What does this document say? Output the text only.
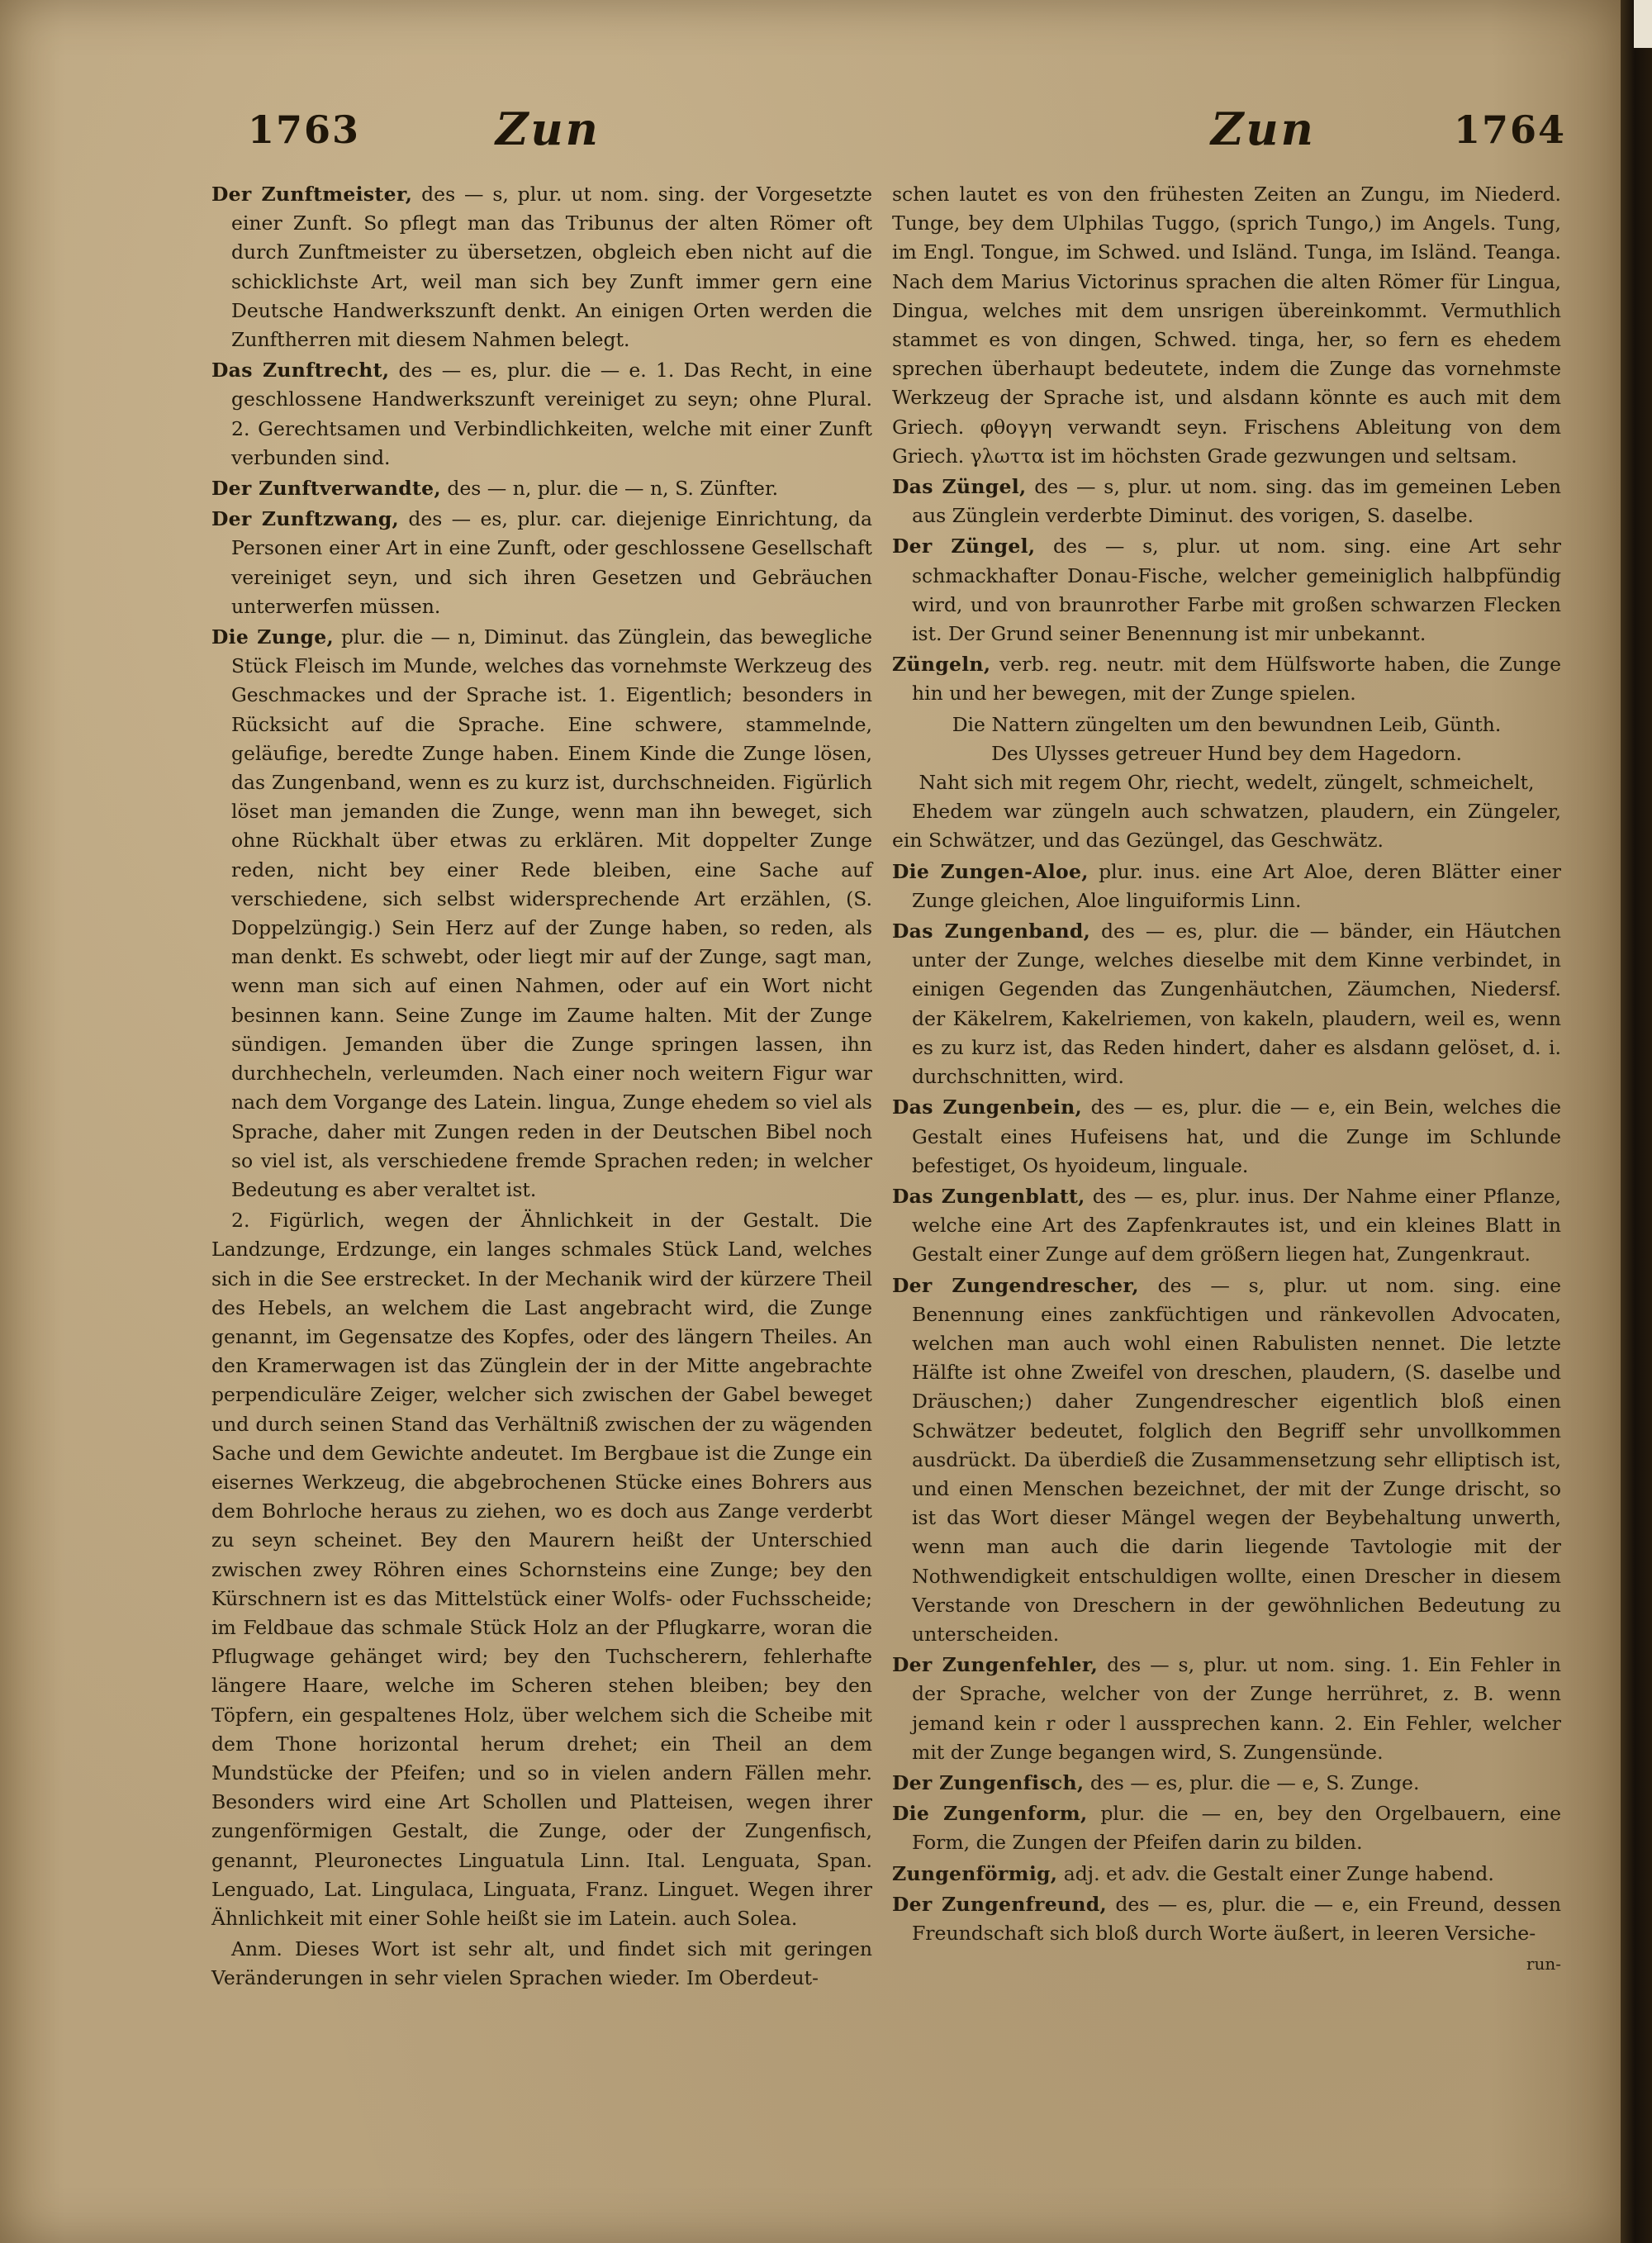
1763	Zun	Zun	1764

Der Zunftmeister, des — s, plur. ut nom. sing. der Vorgesetzte einer Zunft. So pflegt man das Tribunus der alten Römer oft durch Zunftmeister zu übersetzen, obgleich eben nicht auf die schicklichste Art, weil man sich bey Zunft immer gern eine Deutsche Handwerkszunft denkt. An einigen Orten werden die Zunftherren mit diesem Nahmen belegt.

Das Zunftrecht, des — es, plur. die — e. 1. Das Recht, in eine geschlossene Handwerkszunft vereiniget zu seyn; ohne Plural. 2. Gerechtsamen und Verbindlichkeiten, welche mit einer Zunft verbunden sind.

Der Zunftverwandte, des — n, plur. die — n, S. Zünfter.

Der Zunftzwang, des — es, plur. car. diejenige Einrichtung, da Personen einer Art in eine Zunft, oder geschlossene Gesellschaft vereiniget seyn, und sich ihren Gesetzen und Gebräuchen unterwerfen müssen.

Die Zunge, plur. die — n, Diminut. das Zünglein, das bewegliche Stück Fleisch im Munde, welches das vornehmste Werkzeug des Geschmackes und der Sprache ist. 1. Eigentlich; besonders in Rücksicht auf die Sprache. Eine schwere, stammelnde, geläufige, beredte Zunge haben. Einem Kinde die Zunge lösen, das Zungenband, wenn es zu kurz ist, durchschneiden. Figürlich löset man jemanden die Zunge, wenn man ihn beweget, sich ohne Rückhalt über etwas zu erklären. Mit doppelter Zunge reden, nicht bey einer Rede bleiben, eine Sache auf verschiedene, sich selbst widersprechende Art erzählen, (S. Doppelzüngig.) Sein Herz auf der Zunge haben, so reden, als man denkt. Es schwebt, oder liegt mir auf der Zunge, sagt man, wenn man sich auf einen Nahmen, oder auf ein Wort nicht besinnen kann. Seine Zunge im Zaume halten. Mit der Zunge sündigen. Jemanden über die Zunge springen lassen, ihn durchhecheln, verleumden. Nach einer noch weitern Figur war nach dem Vorgange des Latein. lingua, Zunge ehedem so viel als Sprache, daher mit Zungen reden in der Deutschen Bibel noch so viel ist, als verschiedene fremde Sprachen reden; in welcher Bedeutung es aber veraltet ist.

2. Figürlich, wegen der Ähnlichkeit in der Gestalt. Die Landzunge, Erdzunge, ein langes schmales Stück Land, welches sich in die See erstrecket. In der Mechanik wird der kürzere Theil des Hebels, an welchem die Last angebracht wird, die Zunge genannt, im Gegensatze des Kopfes, oder des längern Theiles. An den Kramerwagen ist das Zünglein der in der Mitte angebrachte perpendiculäre Zeiger, welcher sich zwischen der Gabel beweget und durch seinen Stand das Verhältniß zwischen der zu wägenden Sache und dem Gewichte andeutet. Im Bergbaue ist die Zunge ein eisernes Werkzeug, die abgebrochenen Stücke eines Bohrers aus dem Bohrloche heraus zu ziehen, wo es doch aus Zange verderbt zu seyn scheinet. Bey den Maurern heißt der Unterschied zwischen zwey Röhren eines Schornsteins eine Zunge; bey den Kürschnern ist es das Mittelstück einer Wolfs- oder Fuchsscheide; im Feldbaue das schmale Stück Holz an der Pflugkarre, woran die Pflugwage gehänget wird; bey den Tuchscherern, fehlerhafte längere Haare, welche im Scheren stehen bleiben; bey den Töpfern, ein gespaltenes Holz, über welchem sich die Scheibe mit dem Thone horizontal herum drehet; ein Theil an dem Mundstücke der Pfeifen; und so in vielen andern Fällen mehr. Besonders wird eine Art Schollen und Platteisen, wegen ihrer zungenförmigen Gestalt, die Zunge, oder der Zungenfisch, genannt, Pleuronectes Linguatula Linn. Ital. Lenguata, Span. Lenguado, Lat. Lingulaca, Linguata, Franz. Linguet. Wegen ihrer Ähnlichkeit mit einer Sohle heißt sie im Latein. auch Solea.

Anm. Dieses Wort ist sehr alt, und findet sich mit geringen Veränderungen in sehr vielen Sprachen wieder. Im Oberdeut-

schen lautet es von den frühesten Zeiten an Zungu, im Niederd. Tunge, bey dem Ulphilas Tuggo, (sprich Tungo,) im Angels. Tung, im Engl. Tongue, im Schwed. und Isländ. Tunga, im Isländ. Teanga. Nach dem Marius Victorinus sprachen die alten Römer für Lingua, Dingua, welches mit dem unsrigen übereinkommt. Vermuthlich stammet es von dingen, Schwed. tinga, her, so fern es ehedem sprechen überhaupt bedeutete, indem die Zunge das vornehmste Werkzeug der Sprache ist, und alsdann könnte es auch mit dem Griech. φθογγη verwandt seyn. Frischens Ableitung von dem Griech. γλωττα ist im höchsten Grade gezwungen und seltsam.

Das Züngel, des — s, plur. ut nom. sing. das im gemeinen Leben aus Zünglein verderbte Diminut. des vorigen, S. daselbe.

Der Züngel, des — s, plur. ut nom. sing. eine Art sehr schmackhafter Donau-Fische, welcher gemeiniglich halbpfündig wird, und von braunrother Farbe mit großen schwarzen Flecken ist. Der Grund seiner Benennung ist mir unbekannt.

Züngeln, verb. reg. neutr. mit dem Hülfsworte haben, die Zunge hin und her bewegen, mit der Zunge spielen.

Die Nattern züngelten um den bewundnen Leib, Günth.

Des Ulysses getreuer Hund bey dem Hagedorn.

Naht sich mit regem Ohr, riecht, wedelt, züngelt, schmeichelt,

Ehedem war züngeln auch schwatzen, plaudern, ein Züngeler, ein Schwätzer, und das Gezüngel, das Geschwätz.

Die Zungen-Aloe, plur. inus. eine Art Aloe, deren Blätter einer Zunge gleichen, Aloe linguiformis Linn.

Das Zungenband, des — es, plur. die — bänder, ein Häutchen unter der Zunge, welches dieselbe mit dem Kinne verbindet, in einigen Gegenden das Zungenhäutchen, Zäumchen, Niedersf. der Käkelrem, Kakelriemen, von kakeln, plaudern, weil es, wenn es zu kurz ist, das Reden hindert, daher es alsdann gelöset, d. i. durchschnitten, wird.

Das Zungenbein, des — es, plur. die — e, ein Bein, welches die Gestalt eines Hufeisens hat, und die Zunge im Schlunde befestiget, Os hyoideum, linguale.

Das Zungenblatt, des — es, plur. inus. Der Nahme einer Pflanze, welche eine Art des Zapfenkrautes ist, und ein kleines Blatt in Gestalt einer Zunge auf dem größern liegen hat, Zungenkraut.

Der Zungendrescher, des — s, plur. ut nom. sing. eine Benennung eines zankfüchtigen und ränkevollen Advocaten, welchen man auch wohl einen Rabulisten nennet. Die letzte Hälfte ist ohne Zweifel von dreschen, plaudern, (S. daselbe und Dräuschen;) daher Zungendrescher eigentlich bloß einen Schwätzer bedeutet, folglich den Begriff sehr unvollkommen ausdrückt. Da überdieß die Zusammensetzung sehr elliptisch ist, und einen Menschen bezeichnet, der mit der Zunge drischt, so ist das Wort dieser Mängel wegen der Beybehaltung unwerth, wenn man auch die darin liegende Tavtologie mit der Nothwendigkeit entschuldigen wollte, einen Drescher in diesem Verstande von Dreschern in der gewöhnlichen Bedeutung zu unterscheiden.

Der Zungenfehler, des — s, plur. ut nom. sing. 1. Ein Fehler in der Sprache, welcher von der Zunge herrühret, z. B. wenn jemand kein r oder l aussprechen kann. 2. Ein Fehler, welcher mit der Zunge begangen wird, S. Zungensünde.

Der Zungenfisch, des — es, plur. die — e, S. Zunge.

Die Zungenform, plur. die — en, bey den Orgelbauern, eine Form, die Zungen der Pfeifen darin zu bilden.

Zungenförmig, adj. et adv. die Gestalt einer Zunge habend.

Der Zungenfreund, des — es, plur. die — e, ein Freund, dessen Freundschaft sich bloß durch Worte äußert, in leeren Versiche-

run-
